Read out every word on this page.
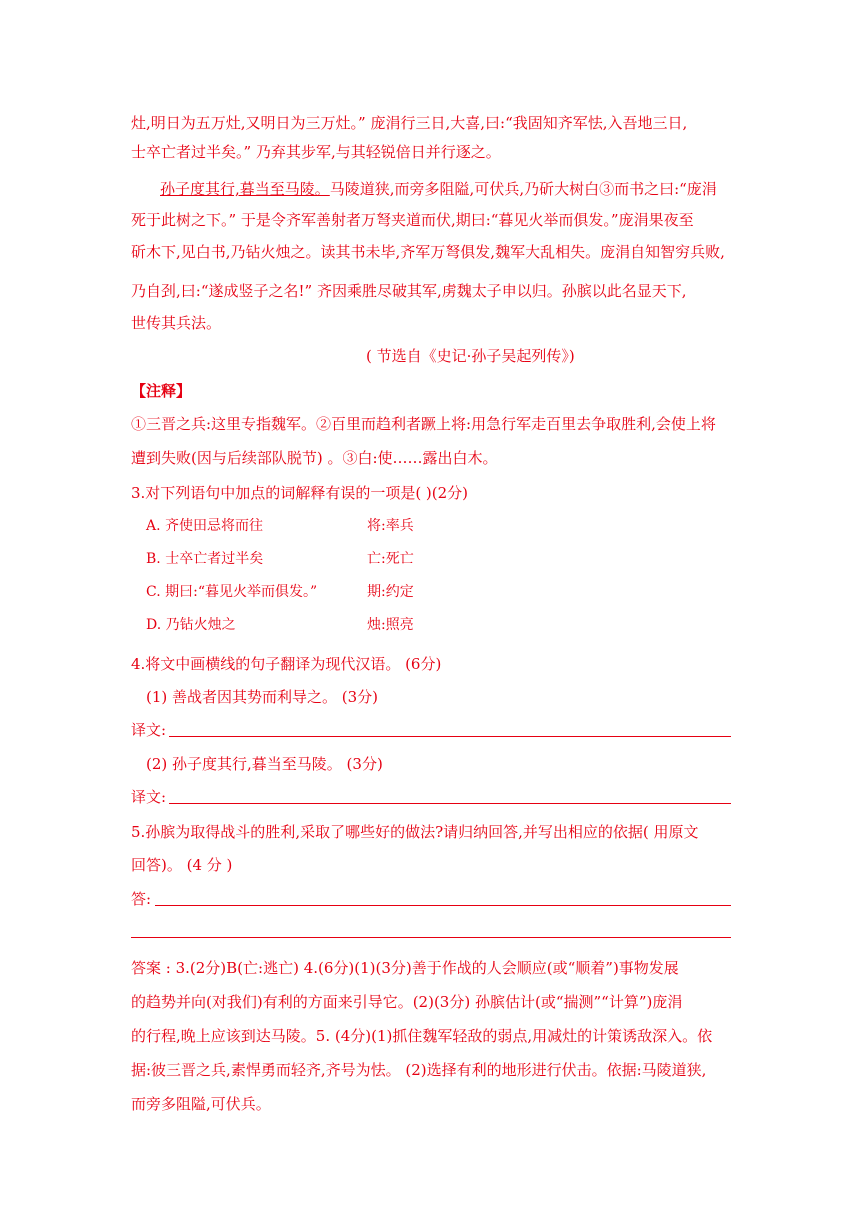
灶,明日为五万灶,又明日为三万灶。” 庞涓行三日,大喜,曰:“我固知齐军怯,入吾地三日,
士卒亡者过半矣。” 乃弃其步军,与其轻锐倍日并行逐之。
孙子度其行,暮当至马陵。马陵道狭,而旁多阻隘,可伏兵,乃斫大树白③而书之曰:“庞涓
死于此树之下。” 于是令齐军善射者万弩夹道而伏,期曰:“暮见火举而俱发。”庞涓果夜至
斫木下,见白书,乃钻火烛之。读其书未毕,齐军万弩俱发,魏军大乱相失。庞涓自知智穷兵败,
乃自刭,曰:“遂成竖子之名!” 齐因乘胜尽破其军,虏魏太子申以归。孙膑以此名显天下,
世传其兵法。
( 节选自《史记·孙子吴起列传》)
【注释】
①三晋之兵:这里专指魏军。②百里而趋利者蹶上将:用急行军走百里去争取胜利,会使上将
遭到失败(因与后续部队脱节) 。③白:使……露出白木。
3.对下列语句中加点的词解释有误的一项是( )(2分)
A. 齐使田忌将而往	将:率兵
B. 士卒亡者过半矣	亡:死亡
C. 期曰:“暮见火举而俱发。”	期:约定
D. 乃钻火烛之	烛:照亮
4.将文中画横线的句子翻译为现代汉语。 (6分)
(1) 善战者因其势而利导之。 (3分)
译文:
(2) 孙子度其行,暮当至马陵。 (3分)
译文:
5.孙膑为取得战斗的胜利,采取了哪些好的做法?请归纳回答,并写出相应的依据( 用原文
回答)。 (4 分 )
答:
答案 : 3.(2分)B(亡:逃亡) 4.(6分)(1)(3分)善于作战的人会顺应(或“顺着”)事物发展
的趋势并向(对我们)有利的方面来引导它。(2)(3分) 孙膑估计(或“揣测”“计算”)庞涓
的行程,晚上应该到达马陵。5. (4分)(1)抓住魏军轻敌的弱点,用减灶的计策诱敌深入。依
据:彼三晋之兵,素悍勇而轻齐,齐号为怯。 (2)选择有利的地形进行伏击。依据:马陵道狭,
而旁多阻隘,可伏兵。
